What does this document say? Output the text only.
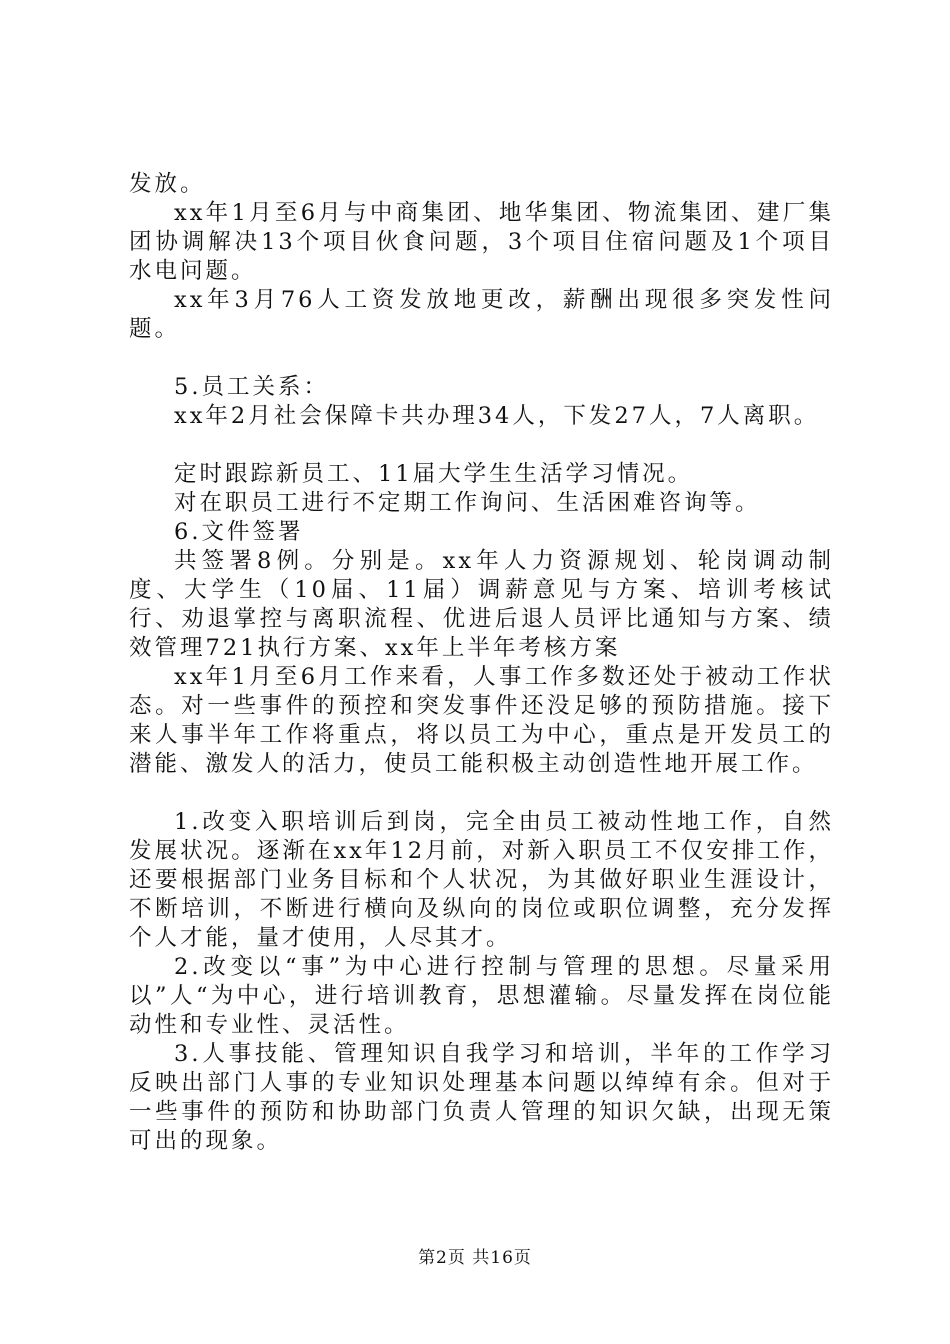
发放。

xx年1月至6月与中商集团、地华集团、物流集团、建厂集团协调解决13个项目伙食问题，3个项目住宿问题及1个项目水电问题。

xx年3月76人工资发放地更改，薪酬出现很多突发性问题。

5.员工关系：

xx年2月社会保障卡共办理34人，下发27人，7人离职。

定时跟踪新员工、11届大学生生活学习情况。

对在职员工进行不定期工作询问、生活困难咨询等。

6.文件签署

共签署8例。分别是。xx年人力资源规划、轮岗调动制度、大学生（10届、11届）调薪意见与方案、培训考核试行、劝退掌控与离职流程、优进后退人员评比通知与方案、绩效管理721执行方案、xx年上半年考核方案

xx年1月至6月工作来看，人事工作多数还处于被动工作状态。对一些事件的预控和突发事件还没足够的预防措施。接下来人事半年工作将重点，将以员工为中心，重点是开发员工的潜能、激发人的活力，使员工能积极主动创造性地开展工作。

1.改变入职培训后到岗，完全由员工被动性地工作，自然发展状况。逐渐在xx年12月前，对新入职员工不仅安排工作，还要根据部门业务目标和个人状况，为其做好职业生涯设计，不断培训，不断进行横向及纵向的岗位或职位调整，充分发挥个人才能，量才使用，人尽其才。

2.改变以“事”为中心进行控制与管理的思想。尽量采用以”人“为中心，进行培训教育，思想灌输。尽量发挥在岗位能动性和专业性、灵活性。

3.人事技能、管理知识自我学习和培训，半年的工作学习反映出部门人事的专业知识处理基本问题以绰绰有余。但对于一些事件的预防和协助部门负责人管理的知识欠缺，出现无策可出的现象。

第2页 共16页
